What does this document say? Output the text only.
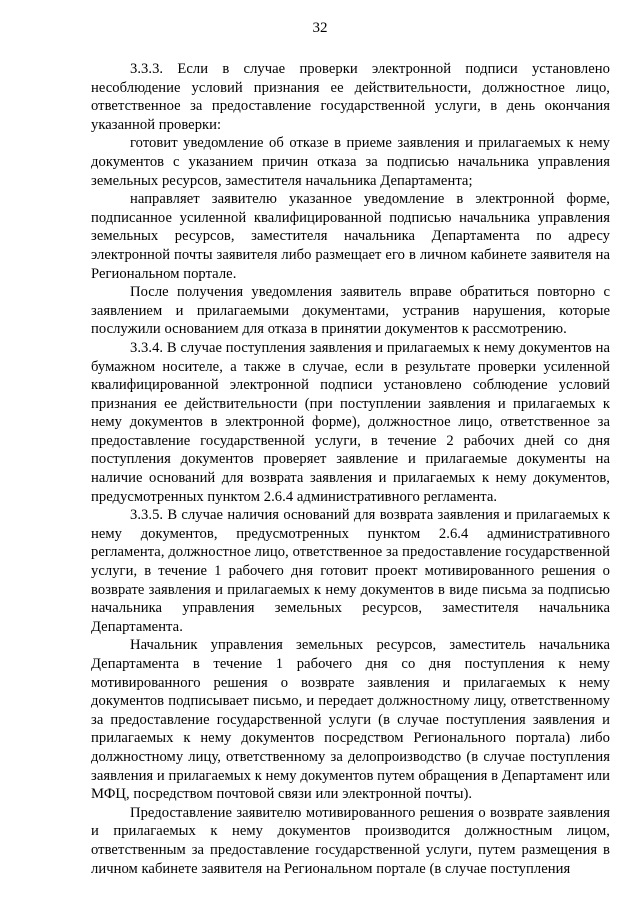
32

3.3.3. Если в случае проверки электронной подписи установлено несоблюдение условий признания ее действительности, должностное лицо, ответственное за предоставление государственной услуги, в день окончания указанной проверки:

готовит уведомление об отказе в приеме заявления и прилагаемых к нему документов с указанием причин отказа за подписью начальника управления земельных ресурсов, заместителя начальника Департамента;

направляет заявителю указанное уведомление в электронной форме, подписанное усиленной квалифицированной подписью начальника управления земельных ресурсов, заместителя начальника Департамента по адресу электронной почты заявителя либо размещает его в личном кабинете заявителя на Региональном портале.

После получения уведомления заявитель вправе обратиться повторно с заявлением и прилагаемыми документами, устранив нарушения, которые послужили основанием для отказа в принятии документов к рассмотрению.

3.3.4. В случае поступления заявления и прилагаемых к нему документов на бумажном носителе, а также в случае, если в результате проверки усиленной квалифицированной электронной подписи установлено соблюдение условий признания ее действительности (при поступлении заявления и прилагаемых к нему документов в электронной форме), должностное лицо, ответственное за предоставление государственной услуги, в течение 2 рабочих дней со дня поступления документов проверяет заявление и прилагаемые документы на наличие оснований для возврата заявления и прилагаемых к нему документов, предусмотренных пунктом 2.6.4 административного регламента.

3.3.5. В случае наличия оснований для возврата заявления и прилагаемых к нему документов, предусмотренных пунктом 2.6.4 административного регламента, должностное лицо, ответственное за предоставление государственной услуги, в течение 1 рабочего дня готовит проект мотивированного решения о возврате заявления и прилагаемых к нему документов в виде письма за подписью начальника управления земельных ресурсов, заместителя начальника Департамента.

Начальник управления земельных ресурсов, заместитель начальника Департамента в течение 1 рабочего дня со дня поступления к нему мотивированного решения о возврате заявления и прилагаемых к нему документов подписывает письмо, и передает должностному лицу, ответственному за предоставление государственной услуги (в случае поступления заявления и прилагаемых к нему документов посредством Регионального портала) либо должностному лицу, ответственному за делопроизводство (в случае поступления заявления и прилагаемых к нему документов путем обращения в Департамент или МФЦ, посредством почтовой связи или электронной почты).

Предоставление заявителю мотивированного решения о возврате заявления и прилагаемых к нему документов производится должностным лицом, ответственным за предоставление государственной услуги, путем размещения в личном кабинете заявителя на Региональном портале (в случае поступления
